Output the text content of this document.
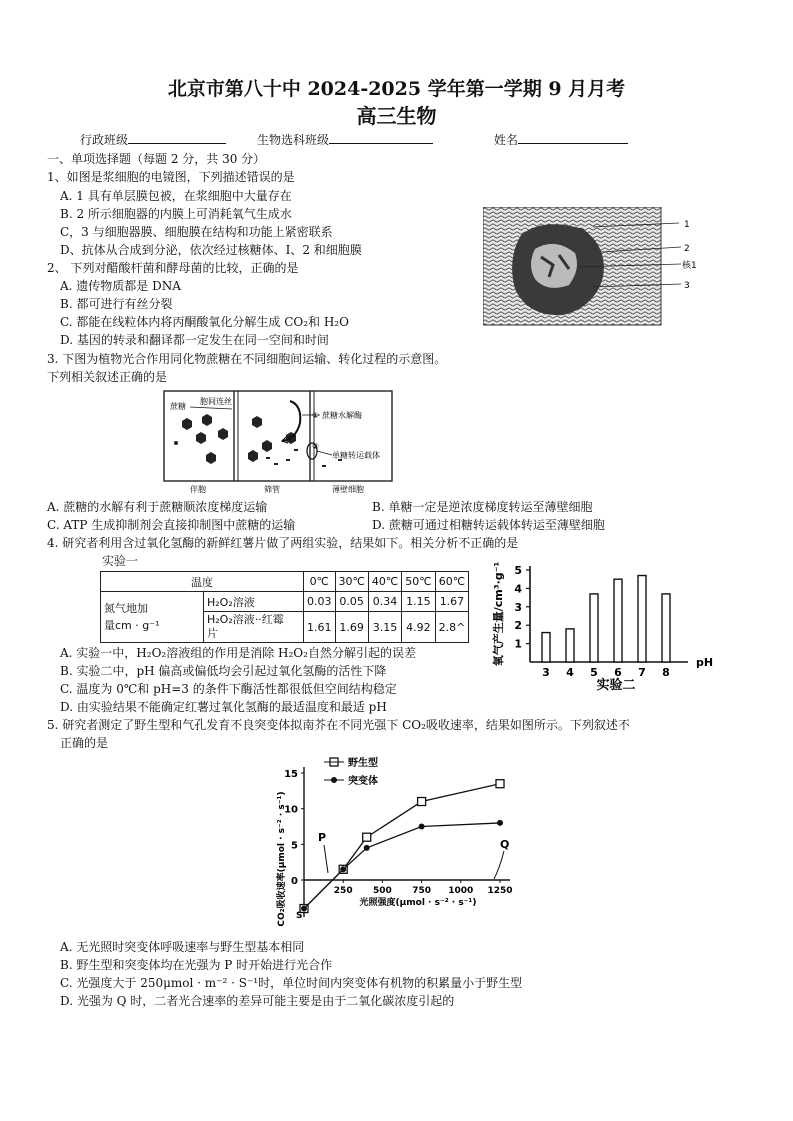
北京市第八十中 2024-2025 学年第一学期 9 月月考
高三生物
行政班级	生物选科班级	姓名
一、单项选择题（每题 2 分，共 30 分）
1、如图是浆细胞的电镜图，下列描述错误的是
A. 1 具有单层膜包被，在浆细胞中大量存在
B. 2 所示细胞器的内膜上可消耗氧气生成水
C，3 与细胞器膜、细胞膜在结构和功能上紧密联系
D、抗体从合成到分泌，依次经过核糖体、I、2 和细胞膜
1
2
核1
3
2、 下列对醋酸杆菌和酵母菌的比较，正确的是
A. 遗传物质都是 DNA
B. 都可进行有丝分裂
C. 都能在线粒体内将丙酮酸氧化分解生成 CO₂和 H₂O
D. 基因的转录和翻译都一定发生在同一空间和时间
3. 下图为植物光合作用同化物蔗糖在不同细胞间运输、转化过程的示意图。
下列相关叙述正确的是
蔗糖
胞间连丝
① 蔗糖水解酶
②
单糖转运载体
伴胞	筛管	薄壁细胞
A. 蔗糖的水解有利于蔗糖顺浓度梯度运输	B. 单糖一定是逆浓度梯度转运至薄壁细胞
C. ATP 生成抑制剂会直接抑制图中蔗糖的运输	D. 蔗糖可通过相糖转运载体转运至薄壁细胞
4. 研究者利用含过氧化氢酶的新鲜红薯片做了两组实验，结果如下。相关分析不正确的是
实验一
温度		0℃	30℃	40℃	50℃	60℃

氮气地加
量cm · g⁻¹	H₂O₂溶液	0.03	0.05	0.34	1.15	1.67

	H₂O₂溶液··红霉
片	1.61	1.69	3.15	4.92	2.8^ 氧气产生量/cm³·g⁻¹ 1
2
3
4
5
3 4 5 6 7 8
pH
实验二
A. 实验一中，H₂O₂溶液组的作用是消除 H₂O₂自然分解引起的误差
B. 实验二中，pH 偏高或偏低均会引起过氧化氢酶的活性下降
C. 温度为 0℃和 pH=3 的条件下酶活性都很低但空间结构稳定
D. 由实验结果不能确定红薯过氧化氢酶的最适温度和最适 pH
5. 研究者测定了野生型和气孔发育不良突变体拟南芥在不同光强下 CO₂吸收速率，结果如图所示。下列叙述不
正确的是
CO₂吸收速率(μmol · s⁻² · s⁻¹) 0
5
10
15
250 500 750 1000 1250
光照强度(μmol · s⁻² · s⁻¹)
野生型
突变体
P
Q
S
A. 无光照时突变体呼吸速率与野生型基本相同
B. 野生型和突变体均在光强为 P 时开始进行光合作
C. 光强度大于 250μmol · m⁻² · S⁻¹时，单位时间内突变体有机物的积累量小于野生型
D. 光强为 Q 时，二者光合速率的差异可能主要是由于二氧化碳浓度引起的
